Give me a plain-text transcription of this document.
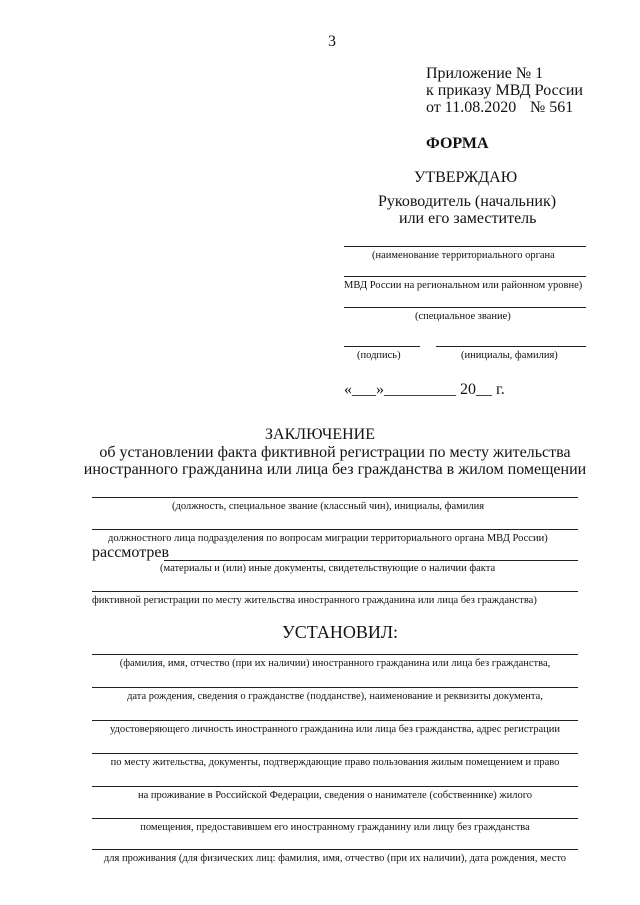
3
Приложение № 1
к приказу МВД России
от 11.08.2020 № 561
ФОРМА
УТВЕРЖДАЮ
Руководитель (начальник)
или его заместитель
(наименование территориального органа
МВД России на региональном или районном уровне)
(специальное звание)
(подпись)	(инициалы, фамилия)
«___»_________ 20__ г.
ЗАКЛЮЧЕНИЕ
об установлении факта фиктивной регистрации по месту жительства
иностранного гражданина или лица без гражданства в жилом помещении
(должность, специальное звание (классный чин), инициалы, фамилия
должностного лица подразделения по вопросам миграции территориального органа МВД России)
рассмотрев
(материалы и (или) иные документы, свидетельствующие о наличии факта
фиктивной регистрации по месту жительства иностранного гражданина или лица без гражданства)
УСТАНОВИЛ:
(фамилия, имя, отчество (при их наличии) иностранного гражданина или лица без гражданства,
дата рождения, сведения о гражданстве (подданстве), наименование и реквизиты документа,
удостоверяющего личность иностранного гражданина или лица без гражданства, адрес регистрации
по месту жительства, документы, подтверждающие право пользования жилым помещением и право
на проживание в Российской Федерации, сведения о нанимателе (собственнике) жилого
помещения, предоставившем его иностранному гражданину или лицу без гражданства
для проживания (для физических лиц: фамилия, имя, отчество (при их наличии), дата рождения, место
